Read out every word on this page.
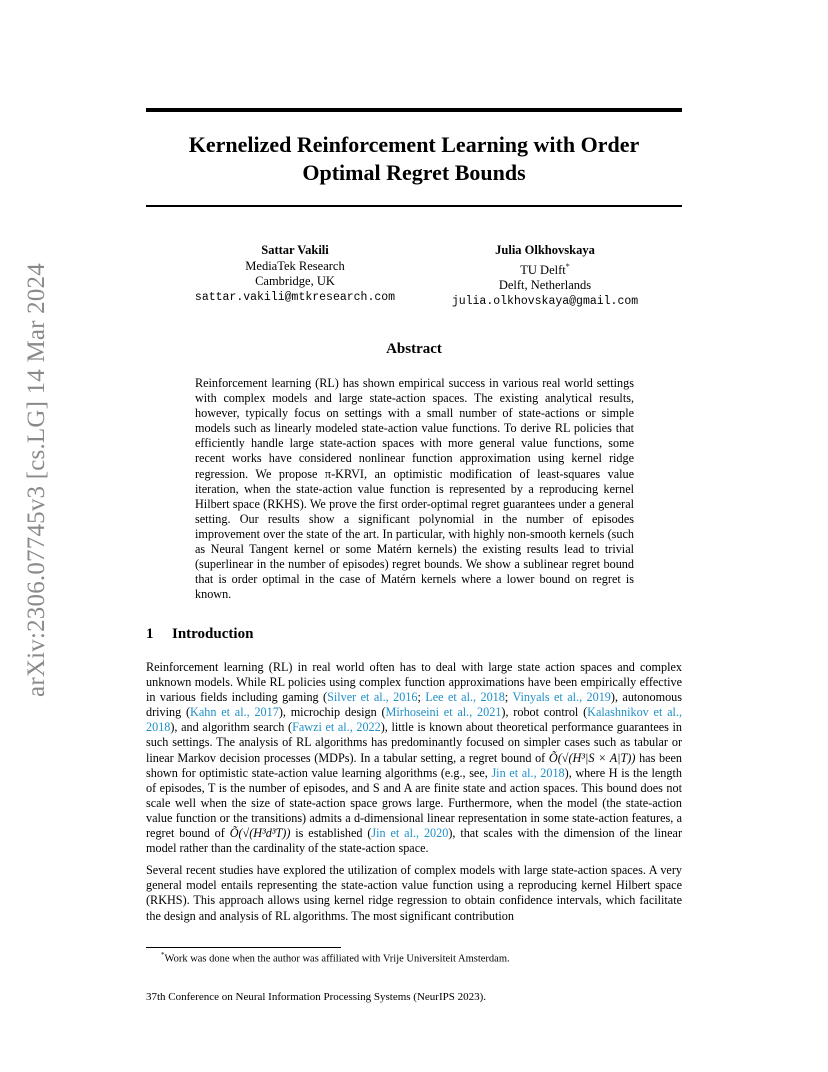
arXiv:2306.07745v3 [cs.LG] 14 Mar 2024
Kernelized Reinforcement Learning with Order
Optimal Regret Bounds
Sattar Vakili
MediaTek Research
Cambridge, UK
sattar.vakili@mtkresearch.com
Julia Olkhovskaya
TU Delft*
Delft, Netherlands
julia.olkhovskaya@gmail.com
Abstract
Reinforcement learning (RL) has shown empirical success in various real world settings with complex models and large state-action spaces. The existing analytical results, however, typically focus on settings with a small number of state-actions or simple models such as linearly modeled state-action value functions. To derive RL policies that efficiently handle large state-action spaces with more general value functions, some recent works have considered nonlinear function approximation using kernel ridge regression. We propose π-KRVI, an optimistic modification of least-squares value iteration, when the state-action value function is represented by a reproducing kernel Hilbert space (RKHS). We prove the first order-optimal regret guarantees under a general setting. Our results show a significant polynomial in the number of episodes improvement over the state of the art. In particular, with highly non-smooth kernels (such as Neural Tangent kernel or some Matérn kernels) the existing results lead to trivial (superlinear in the number of episodes) regret bounds. We show a sublinear regret bound that is order optimal in the case of Matérn kernels where a lower bound on regret is known.
1 Introduction

Reinforcement learning (RL) in real world often has to deal with large state action spaces and complex unknown models. While RL policies using complex function approximations have been empirically effective in various fields including gaming (Silver et al., 2016; Lee et al., 2018; Vinyals et al., 2019), autonomous driving (Kahn et al., 2017), microchip design (Mirhoseini et al., 2021), robot control (Kalashnikov et al., 2018), and algorithm search (Fawzi et al., 2022), little is known about theoretical performance guarantees in such settings. The analysis of RL algorithms has predominantly focused on simpler cases such as tabular or linear Markov decision processes (MDPs). In a tabular setting, a regret bound of Õ(√(H³|S × A|T)) has been shown for optimistic state-action value learning algorithms (e.g., see, Jin et al., 2018), where H is the length of episodes, T is the number of episodes, and S and A are finite state and action spaces. This bound does not scale well when the size of state-action space grows large. Furthermore, when the model (the state-action value function or the transitions) admits a d-dimensional linear representation in some state-action features, a regret bound of Õ(√(H³d³T)) is established (Jin et al., 2020), that scales with the dimension of the linear model rather than the cardinality of the state-action space.

Several recent studies have explored the utilization of complex models with large state-action spaces. A very general model entails representing the state-action value function using a reproducing kernel Hilbert space (RKHS). This approach allows using kernel ridge regression to obtain confidence intervals, which facilitate the design and analysis of RL algorithms. The most significant contribution

*Work was done when the author was affiliated with Vrije Universiteit Amsterdam.
37th Conference on Neural Information Processing Systems (NeurIPS 2023).
